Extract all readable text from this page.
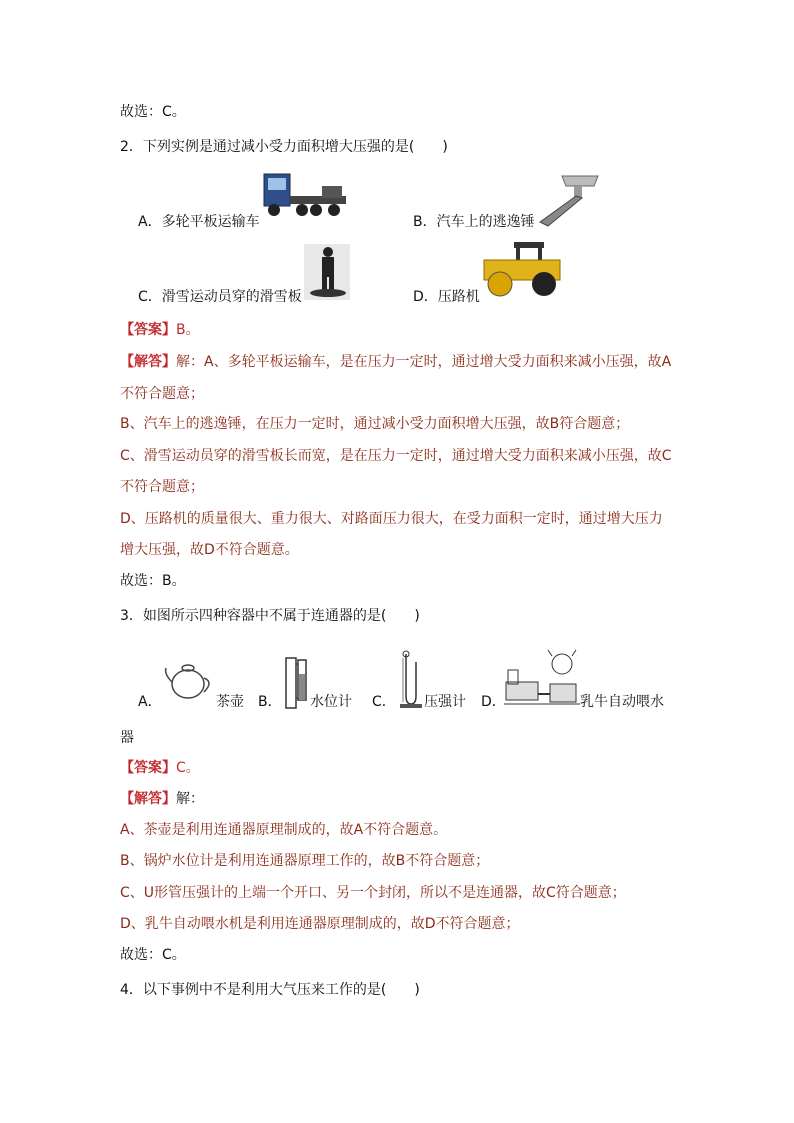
故选：C。
2．下列实例是通过减小受力面积增大压强的是(　　)
A．多轮平板运输车	B．汽车上的逃逸锤
C．滑雪运动员穿的滑雪板	D．压路机
【答案】B。
【解答】解：A、多轮平板运输车，是在压力一定时，通过增大受力面积来减小压强，故A
不符合题意；
B、汽车上的逃逸锤，在压力一定时，通过减小受力面积增大压强，故B符合题意；
C、滑雪运动员穿的滑雪板长而宽，是在压力一定时，通过增大受力面积来减小压强，故C
不符合题意；
D、压路机的质量很大、重力很大、对路面压力很大，在受力面积一定时，通过增大压力
增大压强，故D不符合题意。
故选：B。
3．如图所示四种容器中不属于连通器的是(　　)
A．	茶壶 B． 水位计 C． 压强计 D．	乳牛自动喂水
器
【答案】C。
【解答】解：
A、茶壶是利用连通器原理制成的，故A不符合题意。
B、锅炉水位计是利用连通器原理工作的，故B不符合题意；
C、U形管压强计的上端一个开口、另一个封闭，所以不是连通器，故C符合题意；
D、乳牛自动喂水机是利用连通器原理制成的，故D不符合题意；
故选：C。
4．以下事例中不是利用大气压来工作的是(　　)
